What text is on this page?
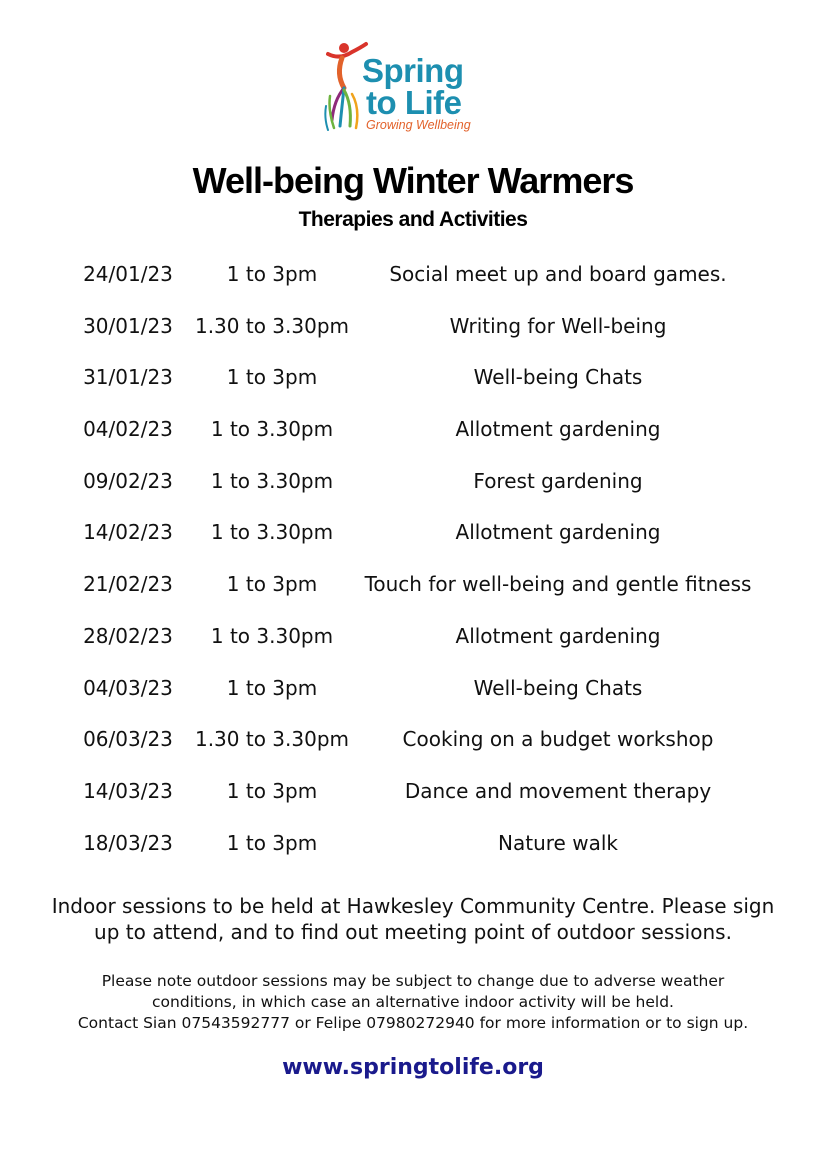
Spring
to Life
Growing Wellbeing
Well-being Winter Warmers
Therapies and Activities
24/01/23	1 to 3pm	Social meet up and board games.
30/01/23	1.30 to 3.30pm	Writing for Well-being
31/01/23	1 to 3pm	Well-being Chats
04/02/23	1 to 3.30pm	Allotment gardening
09/02/23	1 to 3.30pm	Forest gardening
14/02/23	1 to 3.30pm	Allotment gardening
21/02/23	1 to 3pm	Touch for well-being and gentle fitness
28/02/23	1 to 3.30pm	Allotment gardening
04/03/23	1 to 3pm	Well-being Chats
06/03/23	1.30 to 3.30pm	Cooking on a budget workshop
14/03/23	1 to 3pm	Dance and movement therapy
18/03/23	1 to 3pm	Nature walk
Indoor sessions to be held at Hawkesley Community Centre. Please sign up to attend, and to find out meeting point of outdoor sessions.
Please note outdoor sessions may be subject to change due to adverse weather
conditions, in which case an alternative indoor activity will be held.
Contact Sian 07543592777 or Felipe 07980272940 for more information or to sign up.
www.springtolife.org
